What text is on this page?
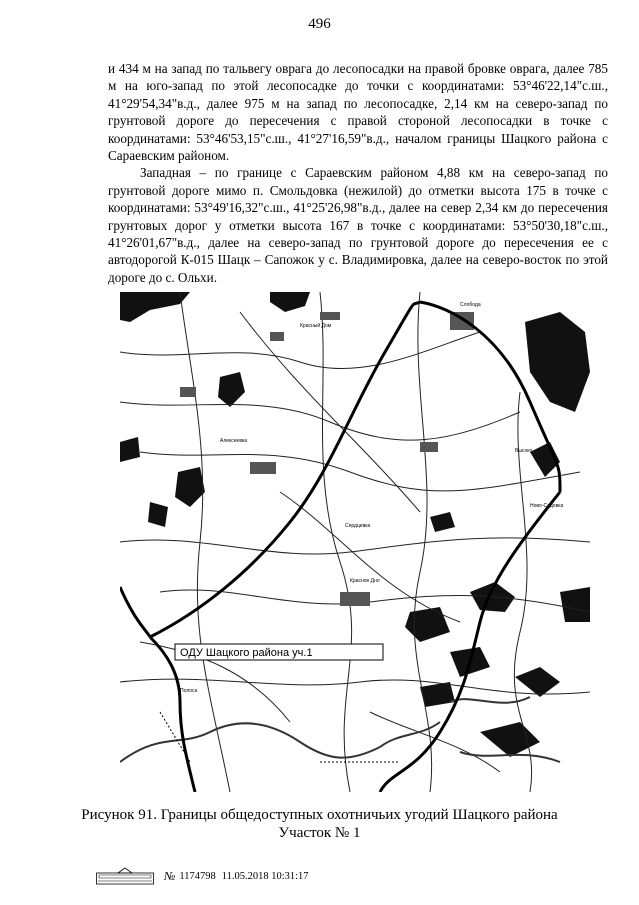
496

и 434 м на запад по тальвегу оврага до лесопосадки на правой бровке оврага, далее 785 м на юго-запад по этой лесопосадке до точки с координатами: 53°46'22,14"с.ш., 41°29'54,34"в.д., далее 975 м на запад по лесопосадке, 2,14 км на северо-запад по грунтовой дороге до пересечения с правой стороной лесопосадки в точке с координатами: 53°46'53,15"с.ш., 41°27'16,59"в.д., началом границы Шацкого района с Сараевским районом.

Западная – по границе с Сараевским районом 4,88 км на северо-запад по грунтовой дороге мимо п. Смольдовка (нежилой) до отметки высота 175 в точке с координатами: 53°49'16,32"с.ш., 41°25'26,98"в.д., далее на север 2,34 км до пересечения грунтовых дорог у отметки высота 167 в точке с координатами: 53°50'30,18"с.ш., 41°26'01,67"в.д., далее на северо-запад по грунтовой дороге до пересечения ее с автодорогой К-015 Шацк – Сапожок у с. Владимировка, далее на северо-восток по этой дороге до с. Ольхи.

Красный Дом
Сердцевка
Красное Дно
Алексеевка
Полоса
Слобода
Высоко
Ново-Садовка
ОДУ Шацкого района уч.1
Рисунок 91. Границы общедоступных охотничьих угодий Шацкого района
Участок № 1
№ 1174798 11.05.2018 10:31:17
